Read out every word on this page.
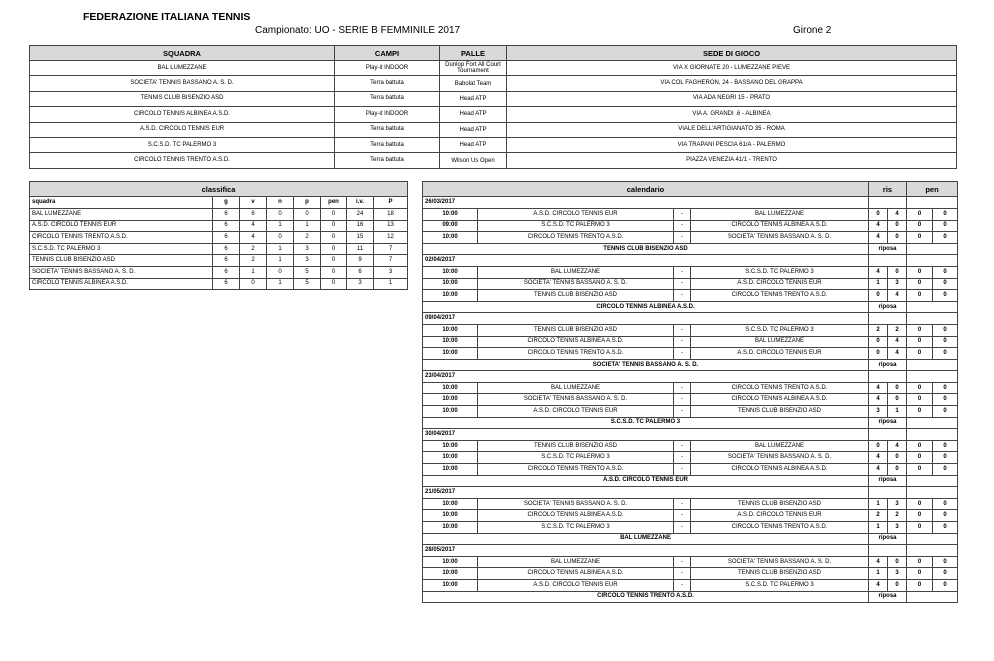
FEDERAZIONE ITALIANA TENNIS
Campionato: UO - SERIE B FEMMINILE 2017	Girone 2
SQUADRA	CAMPI	PALLE	SEDE DI GIOCO
BAL LUMEZZANE	Play-it INDOOR	Dunlop Fort All Court Tournament	VIA X GIORNATE 20 - LUMEZZANE PIEVE
SOCIETA' TENNIS BASSANO A. S. D.	Terra battuta	Babolat Team	VIA COL FAGHERON, 24 - BASSANO DEL GRAPPA
TENNIS CLUB BISENZIO ASD	Terra battuta	Head ATP	VIA ADA NEGRI 15 - PRATO
CIRCOLO TENNIS ALBINEA A.S.D.	Play-it INDOOR	Head ATP	VIA A. GRANDI .6 - ALBINEA
A.S.D. CIRCOLO TENNIS EUR	Terra battuta	Head ATP	VIALE DELL'ARTIGIANATO 35 - ROMA
S.C.S.D. TC PALERMO 3	Terra battuta	Head ATP	VIA TRAPANI PESCIA 61/A - PALERMO
CIRCOLO TENNIS TRENTO A.S.D.	Terra battuta	Wilson Us Open	PIAZZA VENEZIA 41/1 - TRENTO
classifica							
squadra	g	v	n	p	pen	i.v.	P
BAL LUMEZZANE	6	6	0	0	0	24	18
A.S.D. CIRCOLO TENNIS EUR	6	4	1	1	0	16	13
CIRCOLO TENNIS TRENTO A.S.D.	6	4	0	2	0	15	12
S.C.S.D. TC PALERMO 3	6	2	1	3	0	11	7
TENNIS CLUB BISENZIO ASD	6	2	1	3	0	9	7
SOCIETA' TENNIS BASSANO A. S. D.	6	1	0	5	0	6	3
CIRCOLO TENNIS ALBINEA A.S.D.	6	0	1	5	0	3	1
calendario				ris		pen	
26/03/2017							
10:00	A.S.D. CIRCOLO TENNIS EUR	-	BAL LUMEZZANE	0	4	0	0
09:00	S.C.S.D. TC PALERMO 3	-	CIRCOLO TENNIS ALBINEA A.S.D.	4	0	0	0
10:00	CIRCOLO TENNIS TRENTO A.S.D.	-	SOCIETA' TENNIS BASSANO A. S. D.	4	0	0	0
TENNIS CLUB BISENZIO ASD				riposa			
02/04/2017							
10:00	BAL LUMEZZANE	-	S.C.S.D. TC PALERMO 3	4	0	0	0
10:00	SOCIETA' TENNIS BASSANO A. S. D.	-	A.S.D. CIRCOLO TENNIS EUR	1	3	0	0
10:00	TENNIS CLUB BISENZIO ASD	-	CIRCOLO TENNIS TRENTO A.S.D.	0	4	0	0
CIRCOLO TENNIS ALBINEA A.S.D.				riposa			
09/04/2017							
10:00	TENNIS CLUB BISENZIO ASD	-	S.C.S.D. TC PALERMO 3	2	2	0	0
10:00	CIRCOLO TENNIS ALBINEA A.S.D.	-	BAL LUMEZZANE	0	4	0	0
10:00	CIRCOLO TENNIS TRENTO A.S.D.	-	A.S.D. CIRCOLO TENNIS EUR	0	4	0	0
SOCIETA' TENNIS BASSANO A. S. D.				riposa			
23/04/2017							
10:00	BAL LUMEZZANE	-	CIRCOLO TENNIS TRENTO A.S.D.	4	0	0	0
10:00	SOCIETA' TENNIS BASSANO A. S. D.	-	CIRCOLO TENNIS ALBINEA A.S.D.	4	0	0	0
10:00	A.S.D. CIRCOLO TENNIS EUR	-	TENNIS CLUB BISENZIO ASD	3	1	0	0
S.C.S.D. TC PALERMO 3				riposa			
30/04/2017							
10:00	TENNIS CLUB BISENZIO ASD	-	BAL LUMEZZANE	0	4	0	0
10:00	S.C.S.D. TC PALERMO 3	-	SOCIETA' TENNIS BASSANO A. S. D.	4	0	0	0
10:00	CIRCOLO TENNIS TRENTO A.S.D.	-	CIRCOLO TENNIS ALBINEA A.S.D.	4	0	0	0
A.S.D. CIRCOLO TENNIS EUR				riposa			
21/05/2017							
10:00	SOCIETA' TENNIS BASSANO A. S. D.	-	TENNIS CLUB BISENZIO ASD	1	3	0	0
10:00	CIRCOLO TENNIS ALBINEA A.S.D.	-	A.S.D. CIRCOLO TENNIS EUR	2	2	0	0
10:00	S.C.S.D. TC PALERMO 3	-	CIRCOLO TENNIS TRENTO A.S.D.	1	3	0	0
BAL LUMEZZANE				riposa			
28/05/2017							
10:00	BAL LUMEZZANE	-	SOCIETA' TENNIS BASSANO A. S. D.	4	0	0	0
10:00	CIRCOLO TENNIS ALBINEA A.S.D.	-	TENNIS CLUB BISENZIO ASD	1	3	0	0
10:00	A.S.D. CIRCOLO TENNIS EUR	-	S.C.S.D. TC PALERMO 3	4	0	0	0
CIRCOLO TENNIS TRENTO A.S.D.				riposa			
